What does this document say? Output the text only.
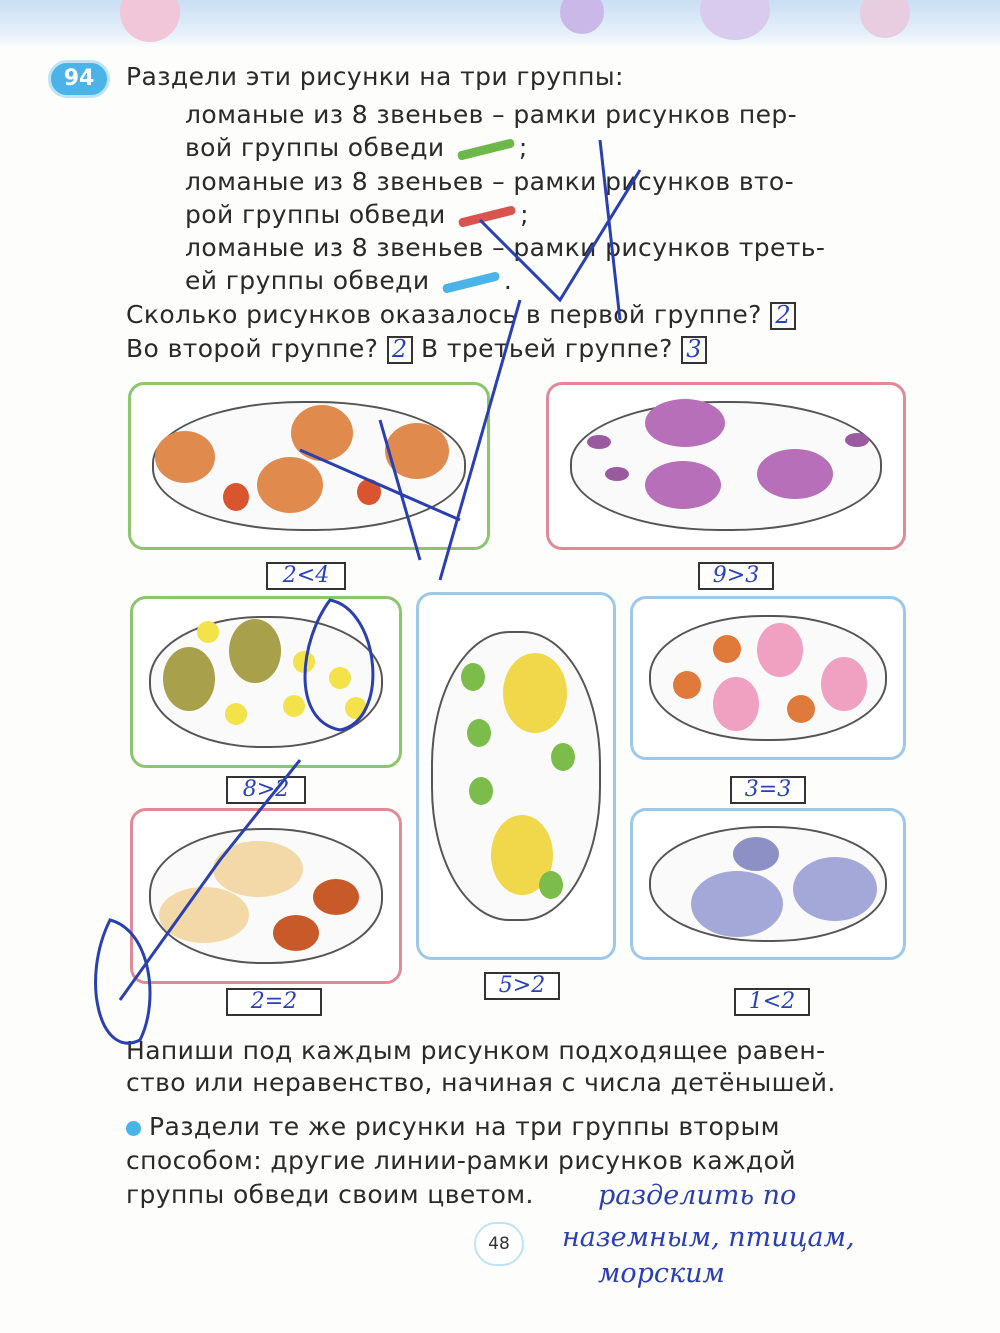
94	Раздели эти рисунки на три группы:
ломаные из 8 звеньев – рамки рисунков пер-
вой группы обведи	;
ломаные из 8 звеньев – рамки рисунков вто-
рой группы обведи	;
ломаные из 8 звеньев – рамки рисунков треть-
ей группы обведи	.
Сколько рисунков оказалось в первой группе? 2
Во второй группе? 2 В третьей группе? 3
2<4	9>3
8>2
5>2
3=3
2=2	1<2
Напиши под каждым рисунком подходящее равен-
ство или неравенство, начиная с числа детёнышей.
Раздели те же рисунки на три группы вторым
способом: другие линии-рамки рисунков каждой
группы обведи своим цветом. разделить по
наземным, птицам,
морским
48
